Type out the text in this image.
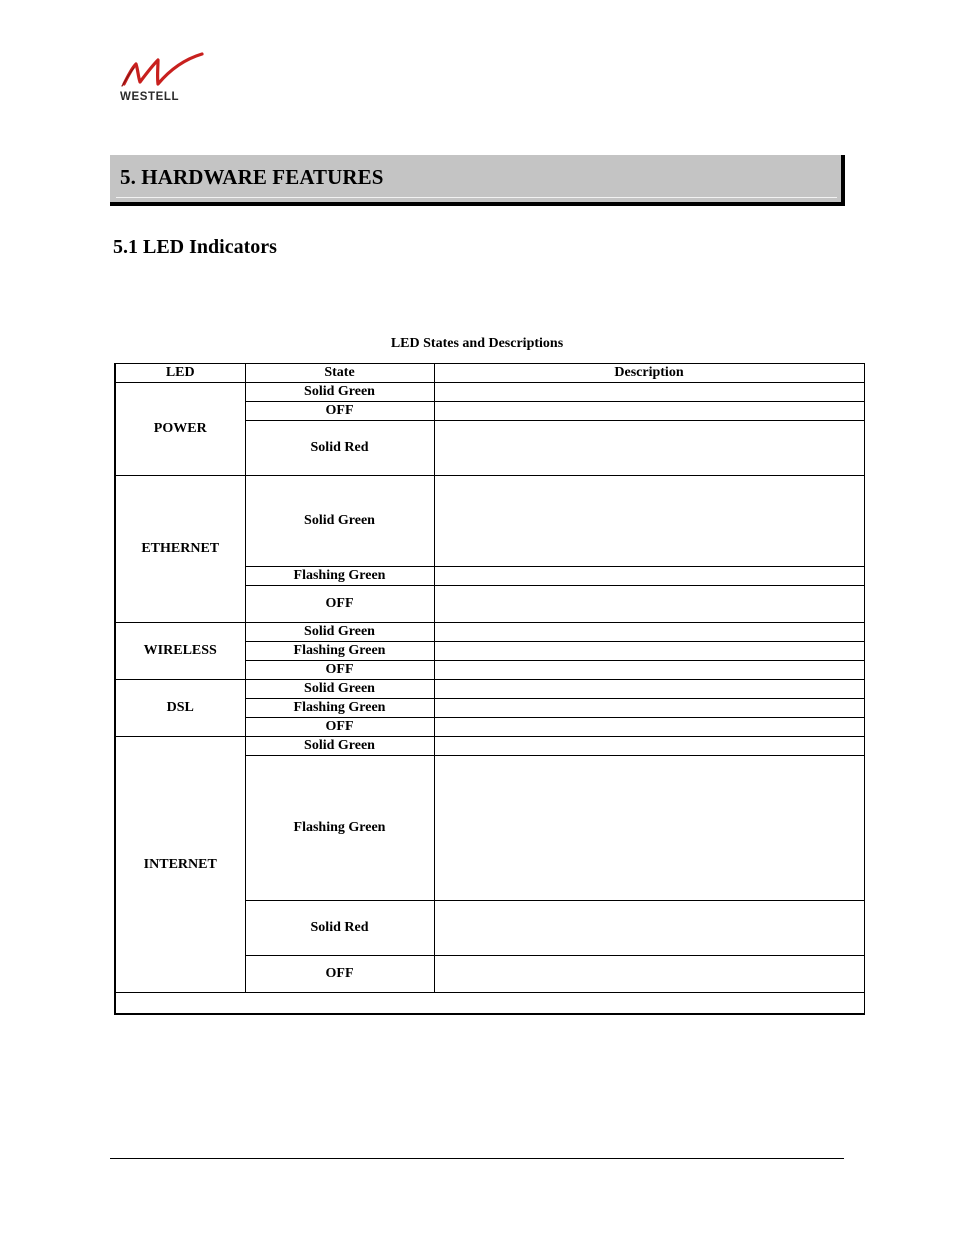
WESTELL
5. HARDWARE FEATURES
5.1 LED Indicators
LED States and Descriptions
LED	State	Description
POWER	Solid Green	
	OFF	
	Solid Red	
ETHERNET	Solid Green	
	Flashing Green	
	OFF	
WIRELESS	Solid Green	
	Flashing Green	
	OFF	
DSL	Solid Green	
	Flashing Green	
	OFF	
INTERNET	Solid Green	
	Flashing Green	
	Solid Red	
	OFF	
